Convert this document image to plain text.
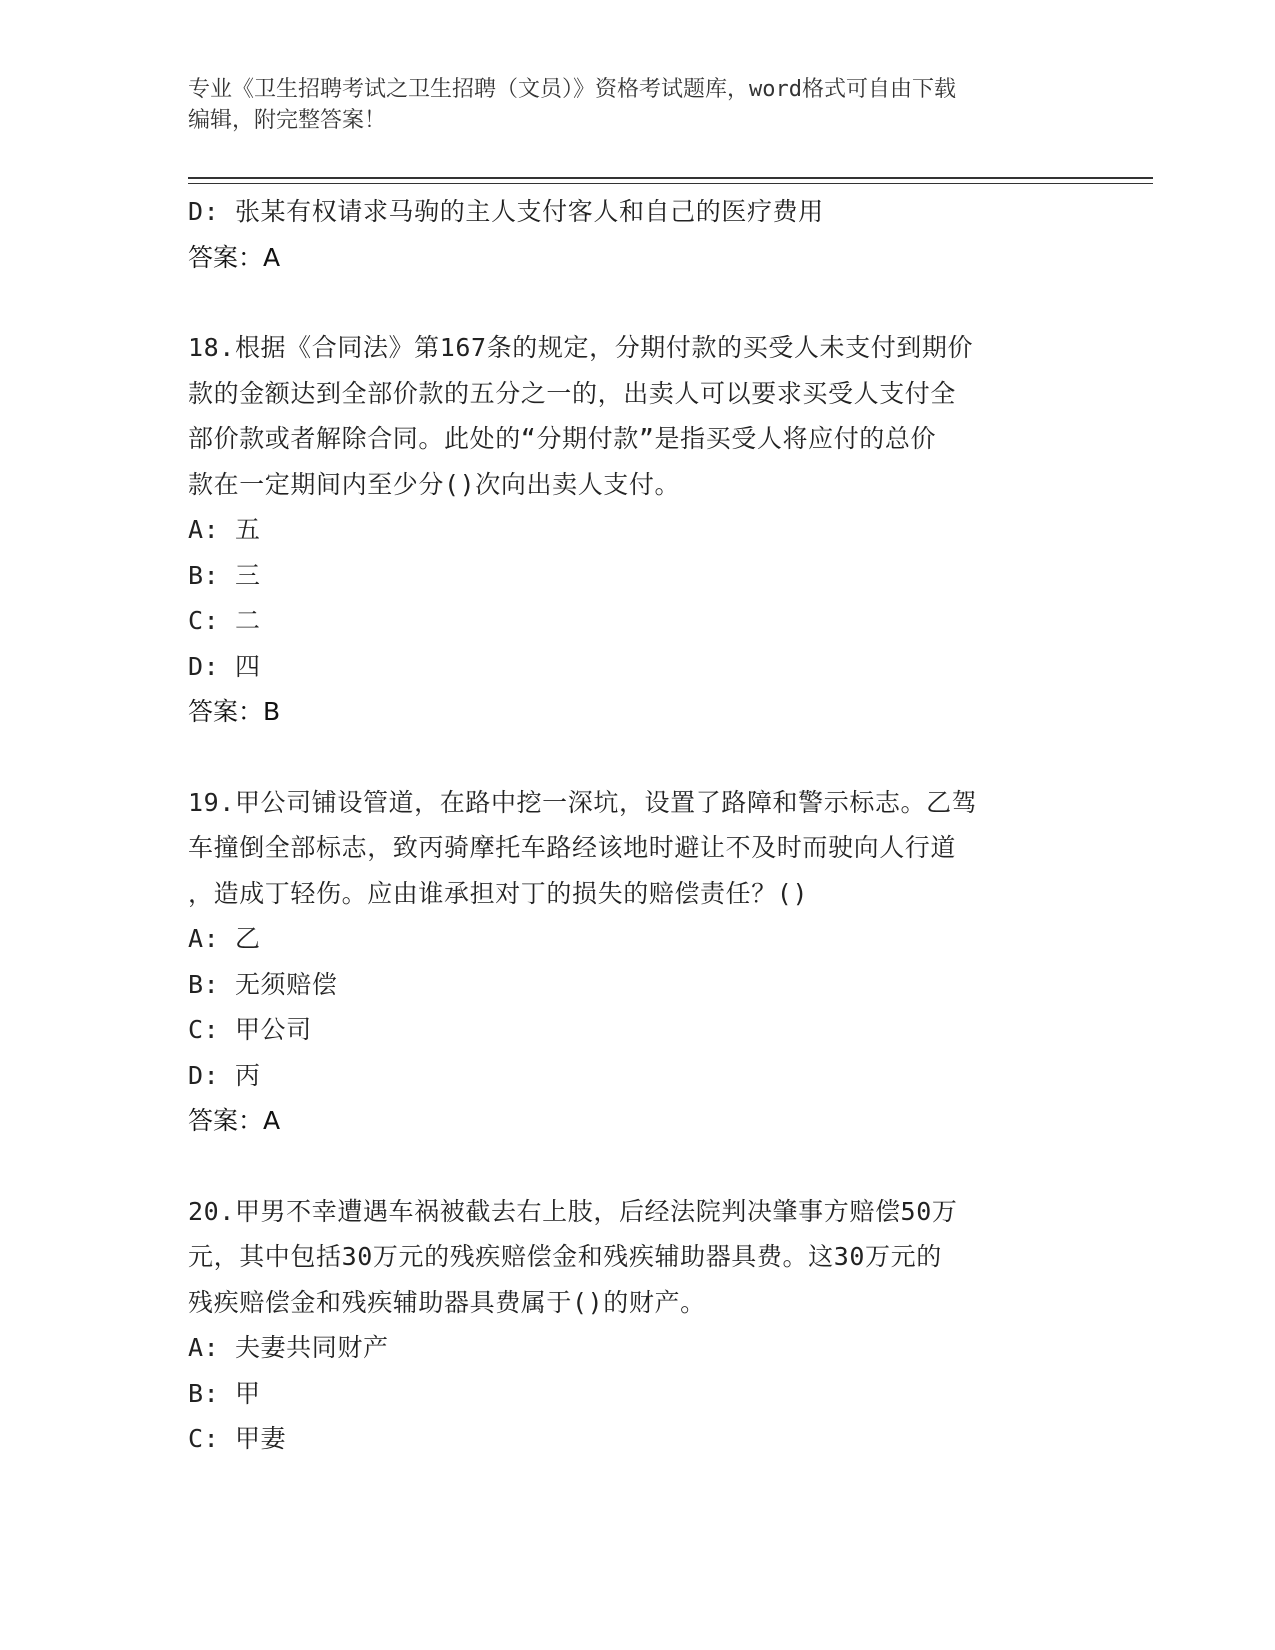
专业《卫生招聘考试之卫生招聘（文员）》资格考试题库，word格式可自由下载
编辑，附完整答案！
D: 张某有权请求马驹的主人支付客人和自己的医疗费用
答案：A
18.根据《合同法》第167条的规定，分期付款的买受人未支付到期价
款的金额达到全部价款的五分之一的，出卖人可以要求买受人支付全
部价款或者解除合同。此处的“分期付款”是指买受人将应付的总价
款在一定期间内至少分()次向出卖人支付。
A: 五
B: 三
C: 二
D: 四
答案：B
19.甲公司铺设管道，在路中挖一深坑，设置了路障和警示标志。乙驾
车撞倒全部标志，致丙骑摩托车路经该地时避让不及时而驶向人行道
，造成丁轻伤。应由谁承担对丁的损失的赔偿责任？()
A: 乙
B: 无须赔偿
C: 甲公司
D: 丙
答案：A
20.甲男不幸遭遇车祸被截去右上肢，后经法院判决肇事方赔偿50万
元，其中包括30万元的残疾赔偿金和残疾辅助器具费。这30万元的
残疾赔偿金和残疾辅助器具费属于()的财产。
A: 夫妻共同财产
B: 甲
C: 甲妻
